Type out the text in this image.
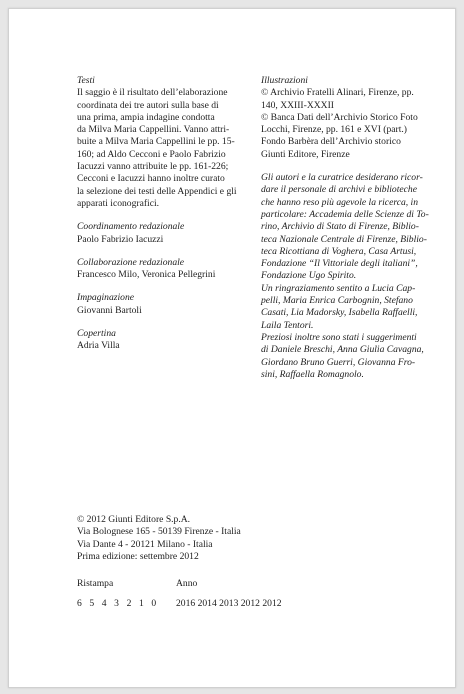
Testi
Il saggio è il risultato dell’elaborazione
coordinata dei tre autori sulla base di
una prima, ampia indagine condotta
da Milva Maria Cappellini. Vanno attri-
buite a Milva Maria Cappellini le pp. 15-
160; ad Aldo Cecconi e Paolo Fabrizio
Iacuzzi vanno attribuite le pp. 161-226;
Cecconi e Iacuzzi hanno inoltre curato
la selezione dei testi delle Appendici e gli
apparati iconografici.
Coordinamento redazionale
Paolo Fabrizio Iacuzzi
Collaborazione redazionale
Francesco Milo, Veronica Pellegrini
Impaginazione
Giovanni Bartoli
Copertina
Adria Villa
Illustrazioni
© Archivio Fratelli Alinari, Firenze, pp.
140, XXIII-XXXII
© Banca Dati dell’Archivio Storico Foto
Locchi, Firenze, pp. 161 e XVI (part.)
Fondo Barbèra dell’Archivio storico
Giunti Editore, Firenze
Gli autori e la curatrice desiderano ricor-
dare il personale di archivi e biblioteche
che hanno reso più agevole la ricerca, in
particolare: Accademia delle Scienze di To-
rino, Archivio di Stato di Firenze, Biblio-
teca Nazionale Centrale di Firenze, Biblio-
teca Ricottiana di Voghera, Casa Artusi,
Fondazione “Il Vittoriale degli italiani”,
Fondazione Ugo Spirito.
Un ringraziamento sentito a Lucia Cap-
pelli, Maria Enrica Carbognin, Stefano
Casati, Lia Madorsky, Isabella Raffaelli,
Laila Tentori.
Preziosi inoltre sono stati i suggerimenti
di Daniele Breschi, Anna Giulia Cavagna,
Giordano Bruno Guerri, Giovanna Fro-
sini, Raffaella Romagnolo.
© 2012 Giunti Editore S.p.A.
Via Bolognese 165 - 50139 Firenze - Italia
Via Dante 4 - 20121 Milano - Italia
Prima edizione: settembre 2012
Ristampa	Anno
6 5 4 3 2 1 0	2016 2014 2013 2012 2012
